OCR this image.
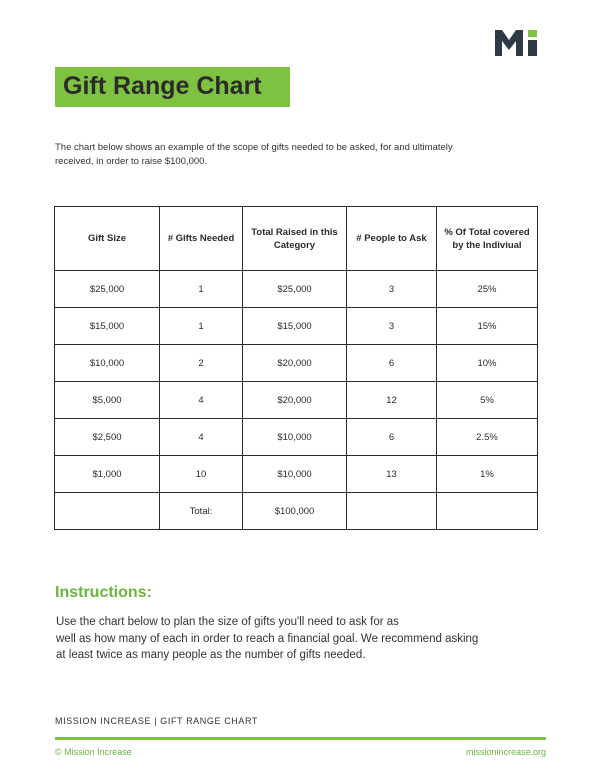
Gift Range Chart
The chart below shows an example of the scope of gifts needed to be asked, for and ultimately received, in order to raise $100,000.
Gift Size	# Gifts Needed	Total Raised in this Category	# People to Ask	% Of Total covered by the Indiviual
$25,000	1	$25,000	3	25%
$15,000	1	$15,000	3	15%
$10,000	2	$20,000	6	10%
$5,000	4	$20,000	12	5%
$2,500	4	$10,000	6	2.5%
$1,000	10	$10,000	13	1%
	Total:	$100,000		
Instructions:
Use the chart below to plan the size of gifts you'll need to ask for as
well as how many of each in order to reach a financial goal. We recommend asking
at least twice as many people as the number of gifts needed.
MISSION INCREASE | GIFT RANGE CHART
© Mission Increase	missionincrease.org
